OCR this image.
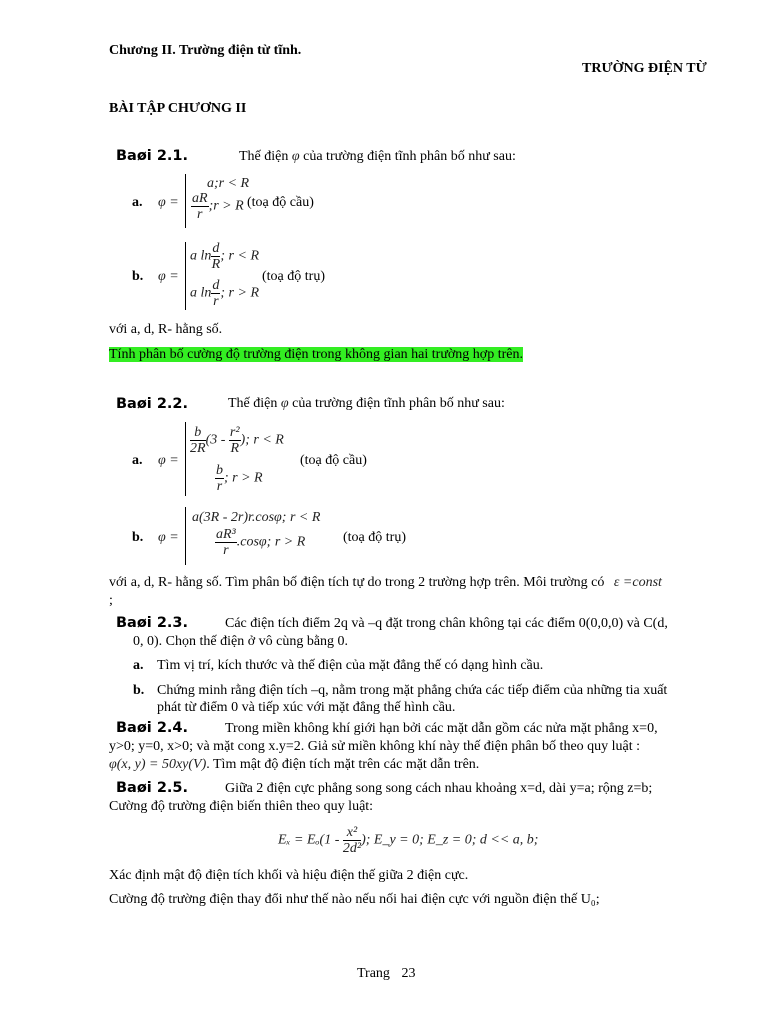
Chương II. Trường điện từ tĩnh.
TRƯỜNG ĐIỆN TỪ
BÀI TẬP CHƯƠNG II
Baøi 2.1.	Thế điện φ của trường điện tĩnh phân bố như sau:
a. φ =
a;r < R
$\frac{aR}{r}$ ;r > R (toạ độ cầu)
b. φ =
a $\ln \frac{d}{R}$ ; r < R
a $\ln \frac{d}{r}$ ; r > R
(toạ độ trụ)
với a, d, R- hằng số.
Tính phân bố cường độ trường điện trong không gian hai trường hợp trên.
Baøi 2.2.	Thế điện φ của trường điện tĩnh phân bố như sau:
a. φ =
$\frac{b}{2R} (3 - \frac{\text{r²}}{R}$ ); r < R
$\frac{b}{r}$ ; r > R
(toạ độ cầu)
b. φ =
a(3R - 2r)r.cosφ; r < R
$\frac{\text{aR³}}{r} .\cos\varphi$; r > R	(toạ độ trụ)
với a, d, R- hằng số. Tìm phân bố điện tích tự do trong 2 trường hợp trên. Môi trường có ε =const
;
Baøi 2.3.	Các điện tích điểm 2q và –q đặt trong chân không tại các điểm 0(0,0,0) và C(d,
0, 0). Chọn thế điện ở vô cùng bằng 0.
a. Tìm vị trí, kích thước và thế điện của mặt đẳng thế có dạng hình cầu.
b. Chứng minh rằng điện tích –q, nằm trong mặt phẳng chứa các tiếp điểm của những tia xuất
phát từ điểm 0 và tiếp xúc với mặt đẳng thế hình cầu.
Baøi 2.4.	Trong miền không khí giới hạn bởi các mặt dẫn gồm các nửa mặt phẳng x=0,
y>0; y=0, x>0; và mặt cong x.y=2. Giả sử miền không khí này thế điện phân bố theo quy luật :
φ(x, y) = 50xy(V). Tìm mật độ điện tích mặt trên các mặt dẫn trên.
Baøi 2.5.	Giữa 2 điện cực phẳng song song cách nhau khoảng x=d, dài y=a; rộng z=b;
Cường độ trường điện biến thiên theo quy luật:
$E_x = E_o(1 - \frac{\text{x²}}{\text{2d²}}$ ); E_y = 0; E_z = 0; d << a, b;
Xác định mật độ điện tích khối và hiệu điện thế giữa 2 điện cực.
Cường độ trường điện thay đổi như thế nào nếu nối hai điện cực với nguồn điện thế U₀;
Trang 23
